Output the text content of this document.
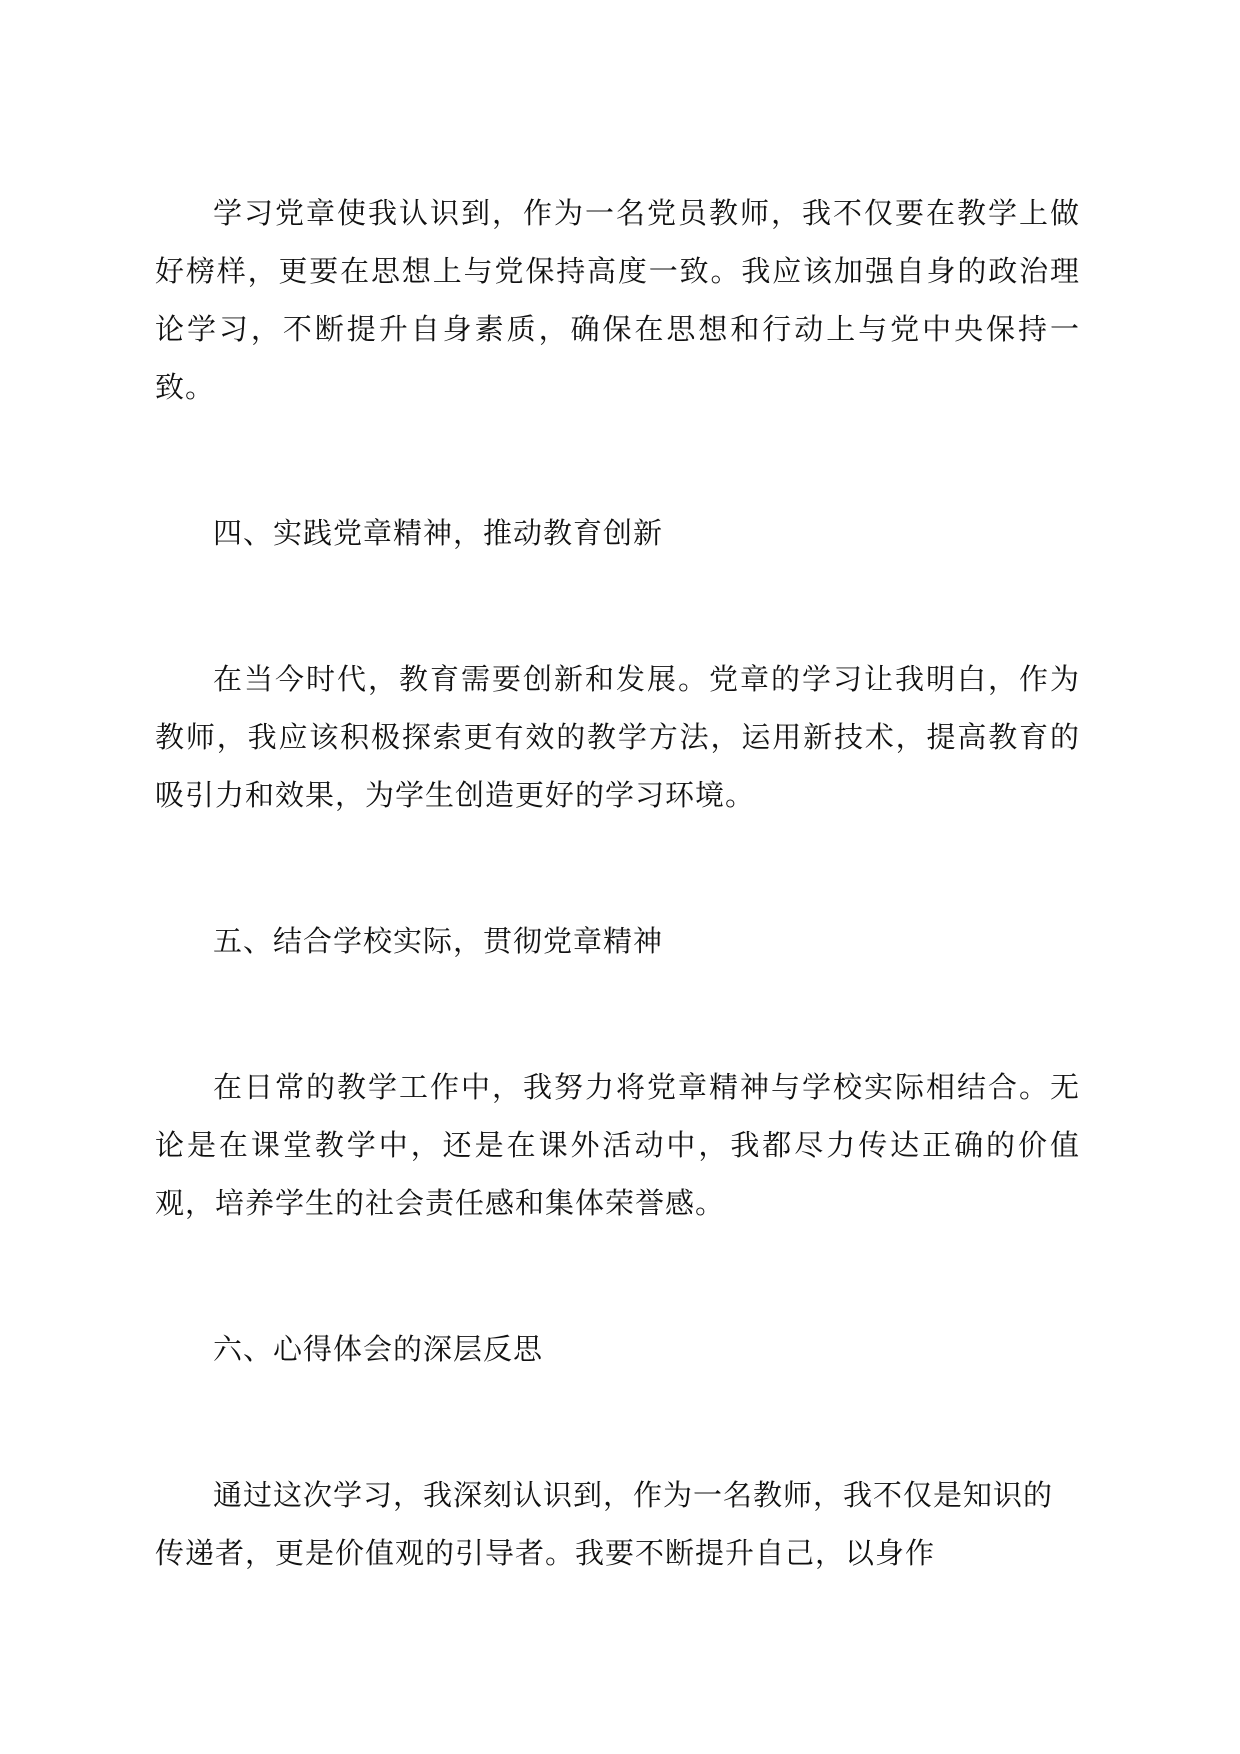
学习党章使我认识到，作为一名党员教师，我不仅要在教学上做好榜样，更要在思想上与党保持高度一致。我应该加强自身的政治理论学习，不断提升自身素质，确保在思想和行动上与党中央保持一致。

四、实践党章精神，推动教育创新

在当今时代，教育需要创新和发展。党章的学习让我明白，作为教师，我应该积极探索更有效的教学方法，运用新技术，提高教育的吸引力和效果，为学生创造更好的学习环境。

五、结合学校实际，贯彻党章精神

在日常的教学工作中，我努力将党章精神与学校实际相结合。无论是在课堂教学中，还是在课外活动中，我都尽力传达正确的价值观，培养学生的社会责任感和集体荣誉感。

六、心得体会的深层反思

通过这次学习，我深刻认识到，作为一名教师，我不仅是知识的传递者，更是价值观的引导者。我要不断提升自己，以身作
